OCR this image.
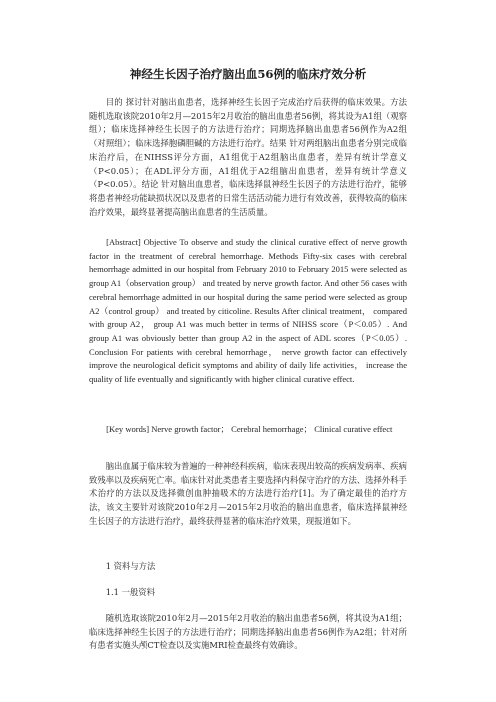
神经生长因子治疗脑出血56例的临床疗效分析

目的 探讨针对脑出血患者，选择神经生长因子完成治疗后获得的临床效果。方法 随机选取该院2010年2月—2015年2月收治的脑出血患者56例，将其设为A1组（观察组）；临床选择神经生长因子的方法进行治疗；同期选择脑出血患者56例作为A2组（对照组）；临床选择胞磷胆碱的方法进行治疗。结果 针对两组脑出血患者分别完成临床治疗后，在NIHSS评分方面，A1组优于A2组脑出血患者，差异有统计学意义（P<0.05）；在ADL评分方面，A1组优于A2组脑出血患者，差异有统计学意义（P<0.05）。结论 针对脑出血患者，临床选择鼠神经生长因子的方法进行治疗，能够将患者神经功能缺损状况以及患者的日常生活活动能力进行有效改善，获得较高的临床治疗效果，最终显著提高脑出血患者的生活质量。

[Abstract] Objective To observe and study the clinical curative effect of nerve growth factor in the treatment of cerebral hemorrhage. Methods Fifty-six cases with cerebral hemorrhage admitted in our hospital from February 2010 to February 2015 were selected as group A1（observation group） and treated by nerve growth factor. And other 56 cases with cerebral hemorrhage admitted in our hospital during the same period were selected as group A2（control group） and treated by citicoline. Results After clinical treatment， compared with group A2， group A1 was much better in terms of NIHSS score（P＜0.05）. And group A1 was obviously better than group A2 in the aspect of ADL scores（P＜0.05）. Conclusion For patients with cerebral hemorrhage， nerve growth factor can effectively improve the neurological deficit symptoms and ability of daily life activities， increase the quality of life eventually and significantly with higher clinical curative effect.

[Key words] Nerve growth factor； Cerebral hemorrhage； Clinical curative effect

脑出血属于临床较为普遍的一种神经科疾病，临床表现出较高的疾病发病率、疾病致残率以及疾病死亡率。临床针对此类患者主要选择内科保守治疗的方法、选择外科手术治疗的方法以及选择微创血肿抽吸术的方法进行治疗[1]。为了确定最佳的治疗方法，该文主要针对该院2010年2月—2015年2月收治的脑出血患者，临床选择鼠神经生长因子的方法进行治疗，最终获得显著的临床治疗效果，现报道如下。

1 资料与方法

1.1 一般资料

随机选取该院2010年2月—2015年2月收治的脑出血患者56例，将其设为A1组；临床选择神经生长因子的方法进行治疗；同期选择脑出血患者56例作为A2组；针对所有患者实施头颅CT检查以及实施MRI检查最终有效确诊。
